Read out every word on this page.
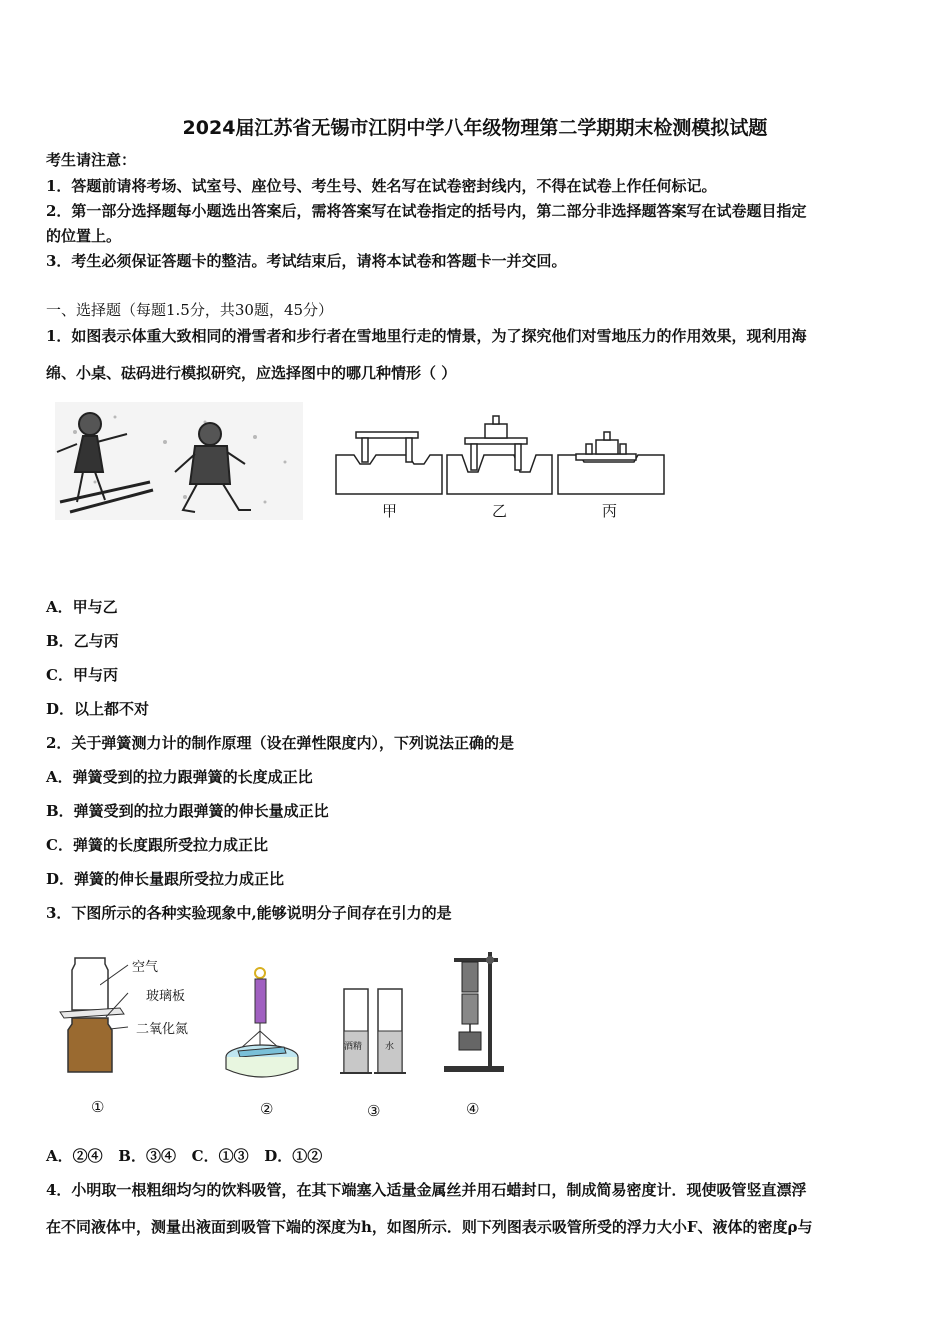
2024届江苏省无锡市江阴中学八年级物理第二学期期末检测模拟试题
考生请注意：
1．答题前请将考场、试室号、座位号、考生号、姓名写在试卷密封线内，不得在试卷上作任何标记。
2．第一部分选择题每小题选出答案后，需将答案写在试卷指定的括号内，第二部分非选择题答案写在试卷题目指定
的位置上。
3．考生必须保证答题卡的整洁。考试结束后，请将本试卷和答题卡一并交回。
一、选择题（每题1.5分，共30题，45分）
1．如图表示体重大致相同的滑雪者和步行者在雪地里行走的情景，为了探究他们对雪地压力的作用效果，现利用海
绵、小桌、砝码进行模拟研究，应选择图中的哪几种情形（ ）
甲	乙	丙
A．甲与乙
B．乙与丙
C．甲与丙
D．以上都不对
2．关于弹簧测力计的制作原理（设在弹性限度内），下列说法正确的是
A．弹簧受到的拉力跟弹簧的长度成正比
B．弹簧受到的拉力跟弹簧的伸长量成正比
C．弹簧的长度跟所受拉力成正比
D．弹簧的伸长量跟所受拉力成正比
3．下图所示的各种实验现象中,能够说明分子间存在引力的是
空气
玻璃板
二氧化氮
酒精	水
①	②	③	④
A．②④   B．③④   C．①③   D．①②
4．小明取一根粗细均匀的饮料吸管，在其下端塞入适量金属丝并用石蜡封口，制成简易密度计．现使吸管竖直漂浮
在不同液体中，测量出液面到吸管下端的深度为h，如图所示．则下列图表示吸管所受的浮力大小F、液体的密度ρ与
